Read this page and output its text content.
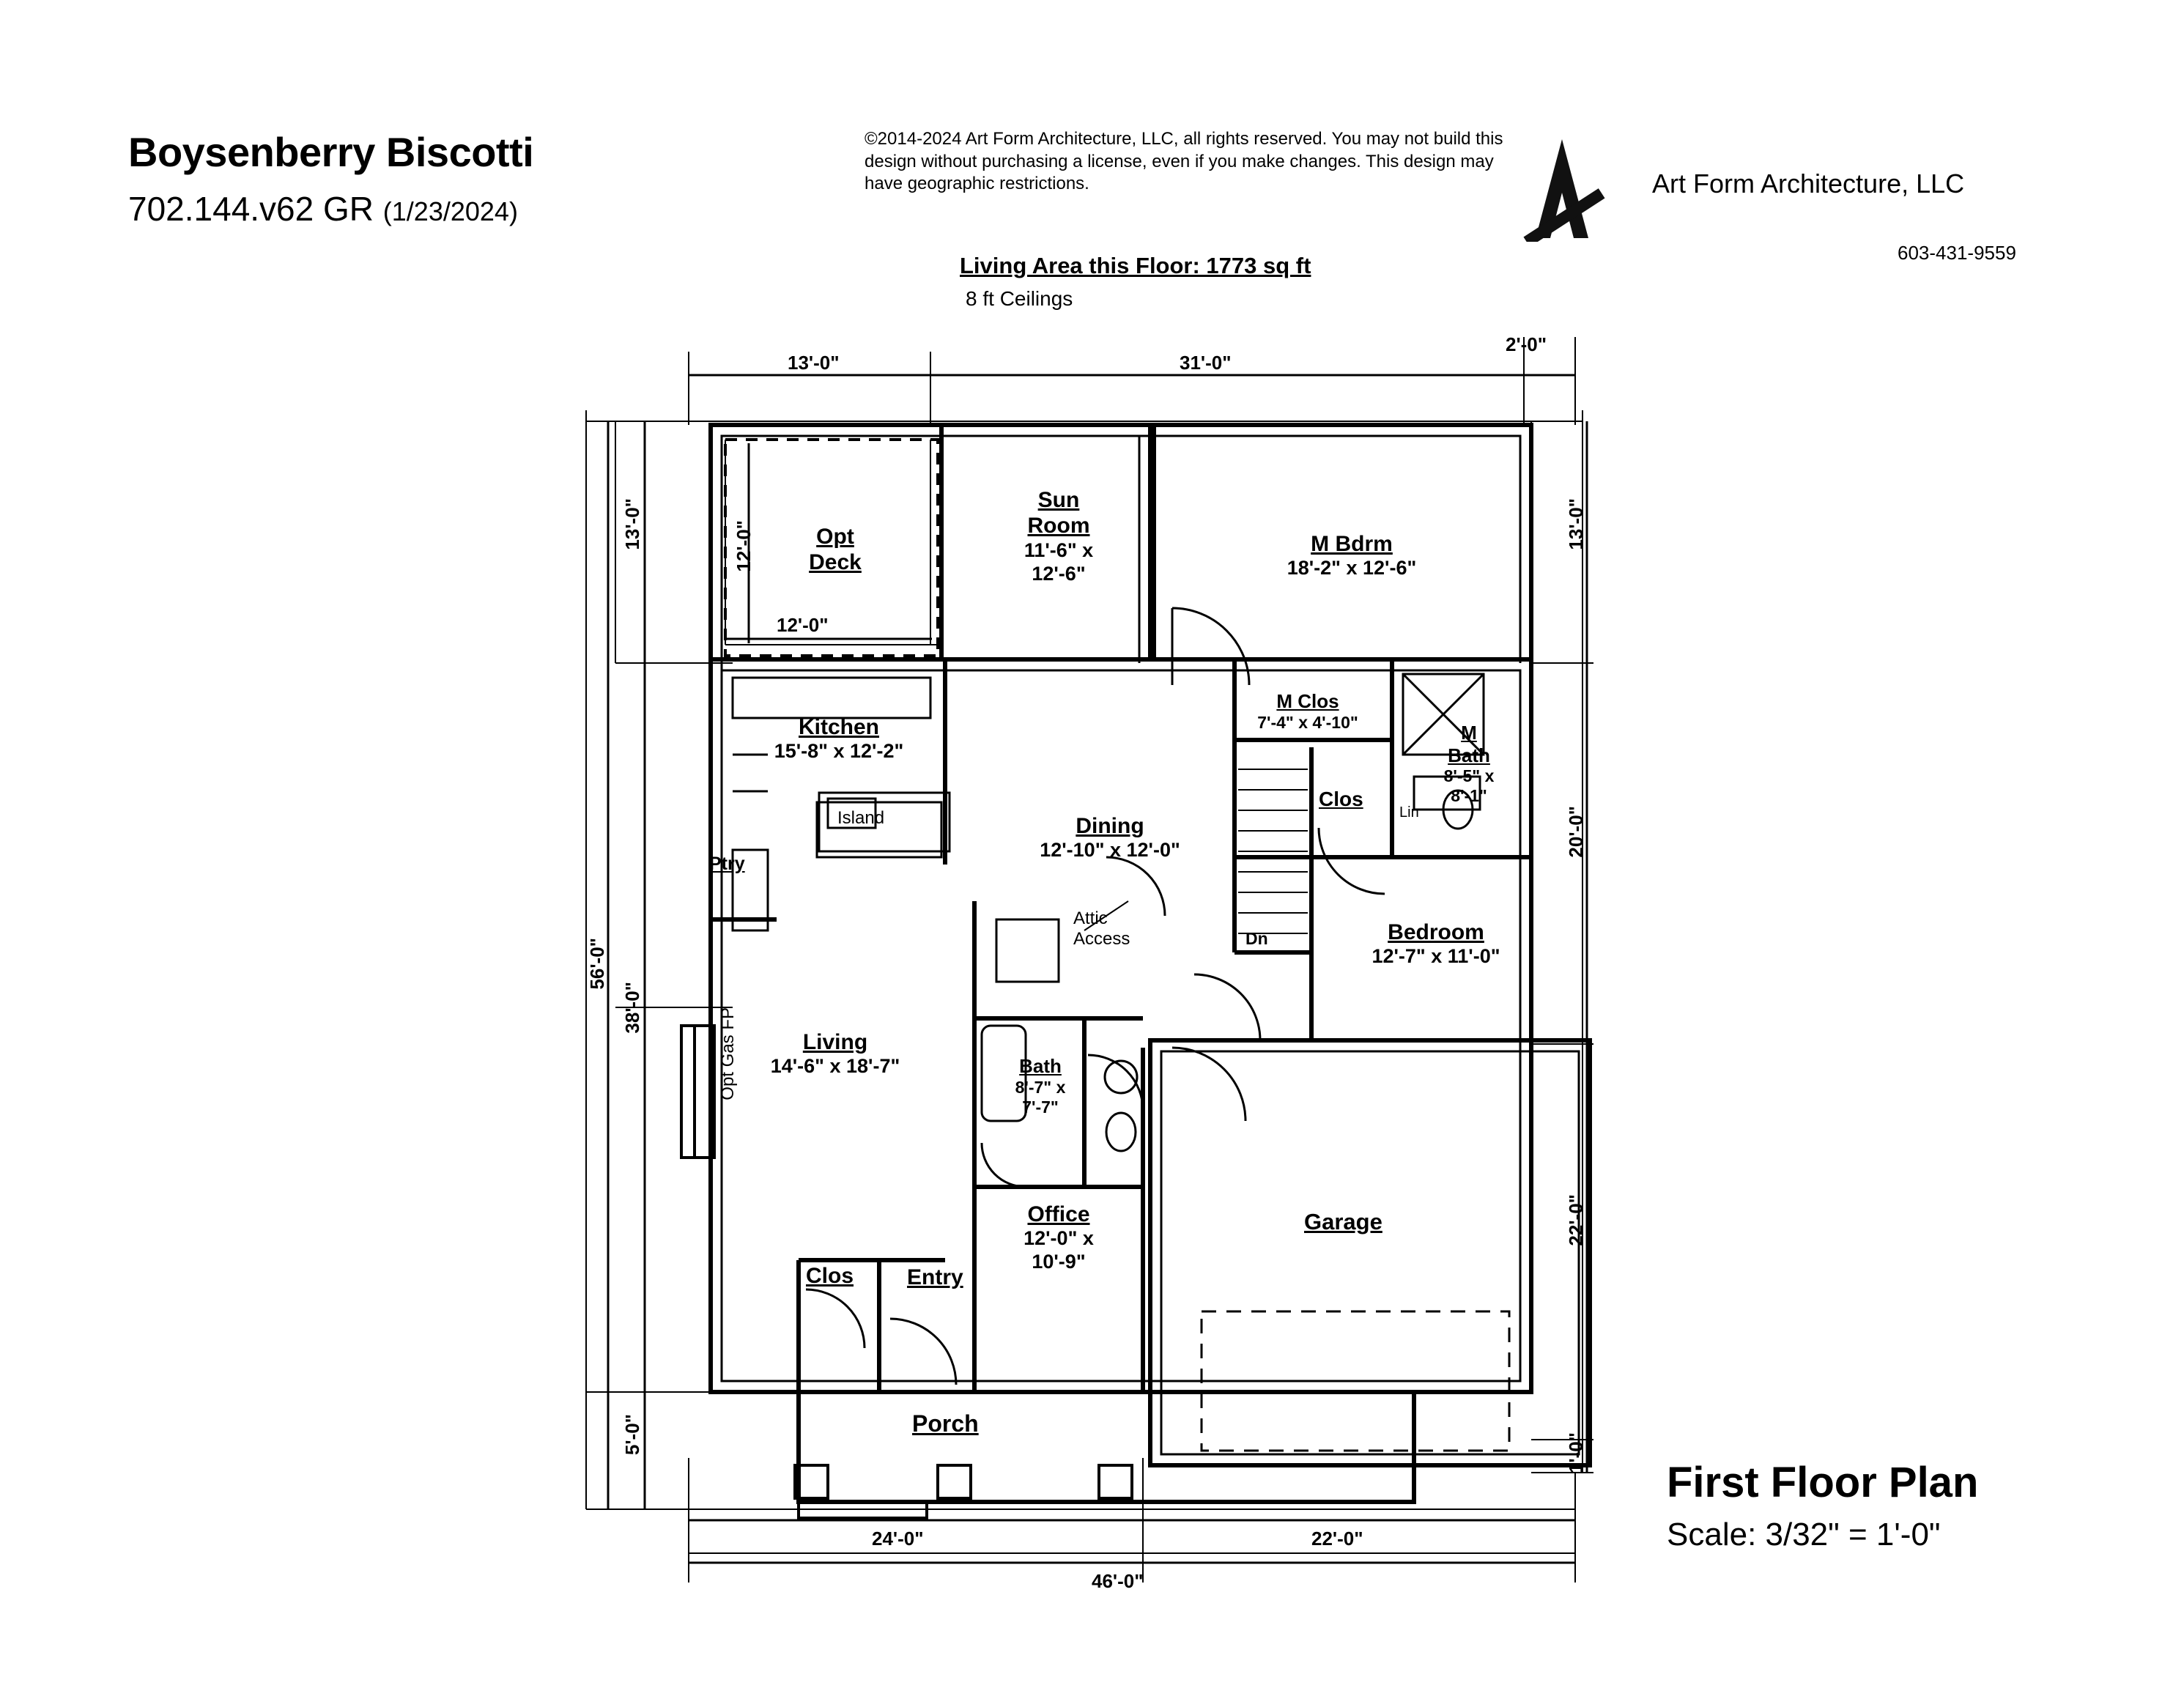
Boysenberry Biscotti
702.144.v62 GR (1/23/2024)
©2014-2024 Art Form Architecture, LLC, all rights reserved. You may not build this design without purchasing a license, even if you make changes. This design may have geographic restrictions.	Art Form Architecture, LLC
603-431-9559
Living Area this Floor: 1773 sq ft
8 ft Ceilings
First Floor Plan
Scale: 3/32" = 1'-0"
Opt
Deck
Sun
Room
11'-6" x
12'-6"
M Bdrm
18'-2" x 12'-6"
Kitchen
15'-8" x 12'-2"
Island
Ptry
Dining
12'-10" x 12'-0"
M Clos
7'-4" x 4'-10"	M
Bath
8'-5" x
8'-1"
Clos
Lin
Bedroom
12'-7" x 11'-0"
Living
14'-6" x 18'-7"	Bath
8'-7" x
7'-7"
Office
12'-0" x
10'-9"
Garage
Clos
Entry
Porch
Attic
Access	Dn
Opt Gas FP
13'-0"	31'-0"
2'-0"
56'-0"
13'-0"
38'-0"
5'-0"
12'-0"
12'-0"
13'-0"
20'-0"
22'-0"
1'-0"
24'-0"	22'-0"
46'-0"
